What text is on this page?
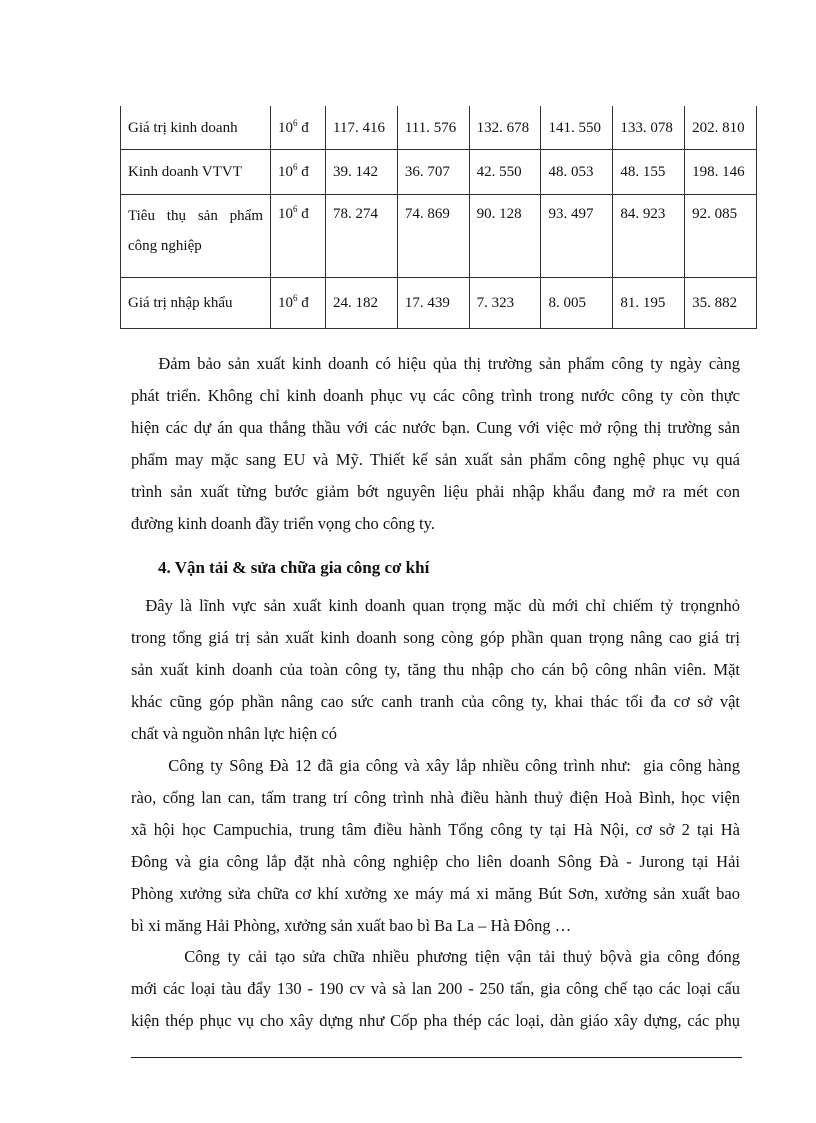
Giá trị kinh doanh	$10^6$ đ	117. 416	111. 576	132. 678	141. 550	133. 078	202. 810
Kinh doanh VTVT	$10^6$ đ	39. 142	36. 707	42. 550	48. 053	48. 155	198. 146

Tiêu thụ sản phẩm công nghiệp	$10^6$ đ	78. 274	74. 869	90. 128	93. 497	84. 923	92. 085
Giá trị nhập khẩu	$10^6$ đ	24. 182	17. 439	7. 323	8. 005	81. 195	35. 882
Đảm bảo sản xuất kinh doanh có hiệu qủa thị trường sản phẩm công ty ngày càng
phát triển. Không chỉ kinh doanh phục vụ các công trình trong nước công ty còn thực
hiện các dự án qua thắng thầu với các nước bạn. Cung với việc mở rộng thị trường sản
phẩm may mặc sang EU và Mỹ. Thiết kế sản xuất sản phẩm công nghệ phục vụ quá
trình sản xuất từng bước giảm bớt nguyên liệu phải nhập khẩu đang mở ra mét con
đường kinh doanh đầy triển vọng cho công ty.
4. Vận tải & sửa chữa gia công cơ khí
Đây là lĩnh vực sản xuất kinh doanh quan trọng mặc dù mới chỉ chiếm tỷ trọngnhỏ
trong tổng giá trị sản xuất kinh doanh song còng góp phần quan trọng nâng cao giá trị
sản xuất kinh doanh của toàn công ty, tăng thu nhập cho cán bộ công nhân viên. Mặt
khác cũng góp phần nâng cao sức canh tranh của công ty, khai thác tối đa cơ sở vật
chất và nguồn nhân lực hiện có
Công ty Sông Đà 12 đã gia công và xây lắp nhiều công trình như:  gia công hàng
rào, cổng lan can, tấm trang trí công trình nhà điều hành thuỷ điện Hoà Bình, học viện
xã hội học Campuchia, trung tâm điều hành Tổng công ty tại Hà Nội, cơ sở 2 tại Hà
Đông và gia công lắp đặt nhà công nghiệp cho liên doanh Sông Đà - Jurong tại Hải
Phòng xưởng sửa chữa cơ khí xưởng xe máy má xi măng Bút Sơn, xưởng sản xuất bao
bì xi măng Hải Phòng, xưởng sản xuất bao bì Ba La – Hà Đông …
Công ty cải tạo sửa chữa nhiều phương tiện vận tải thuỷ bộvà gia công đóng
mới các loại tàu đẩy 130 - 190 cv và sà lan 200 - 250 tấn, gia công chế tạo các loại cấu
kiện thép phục vụ cho xây dựng như Cốp pha thép các loại, dàn giáo xây dựng, các phụ
